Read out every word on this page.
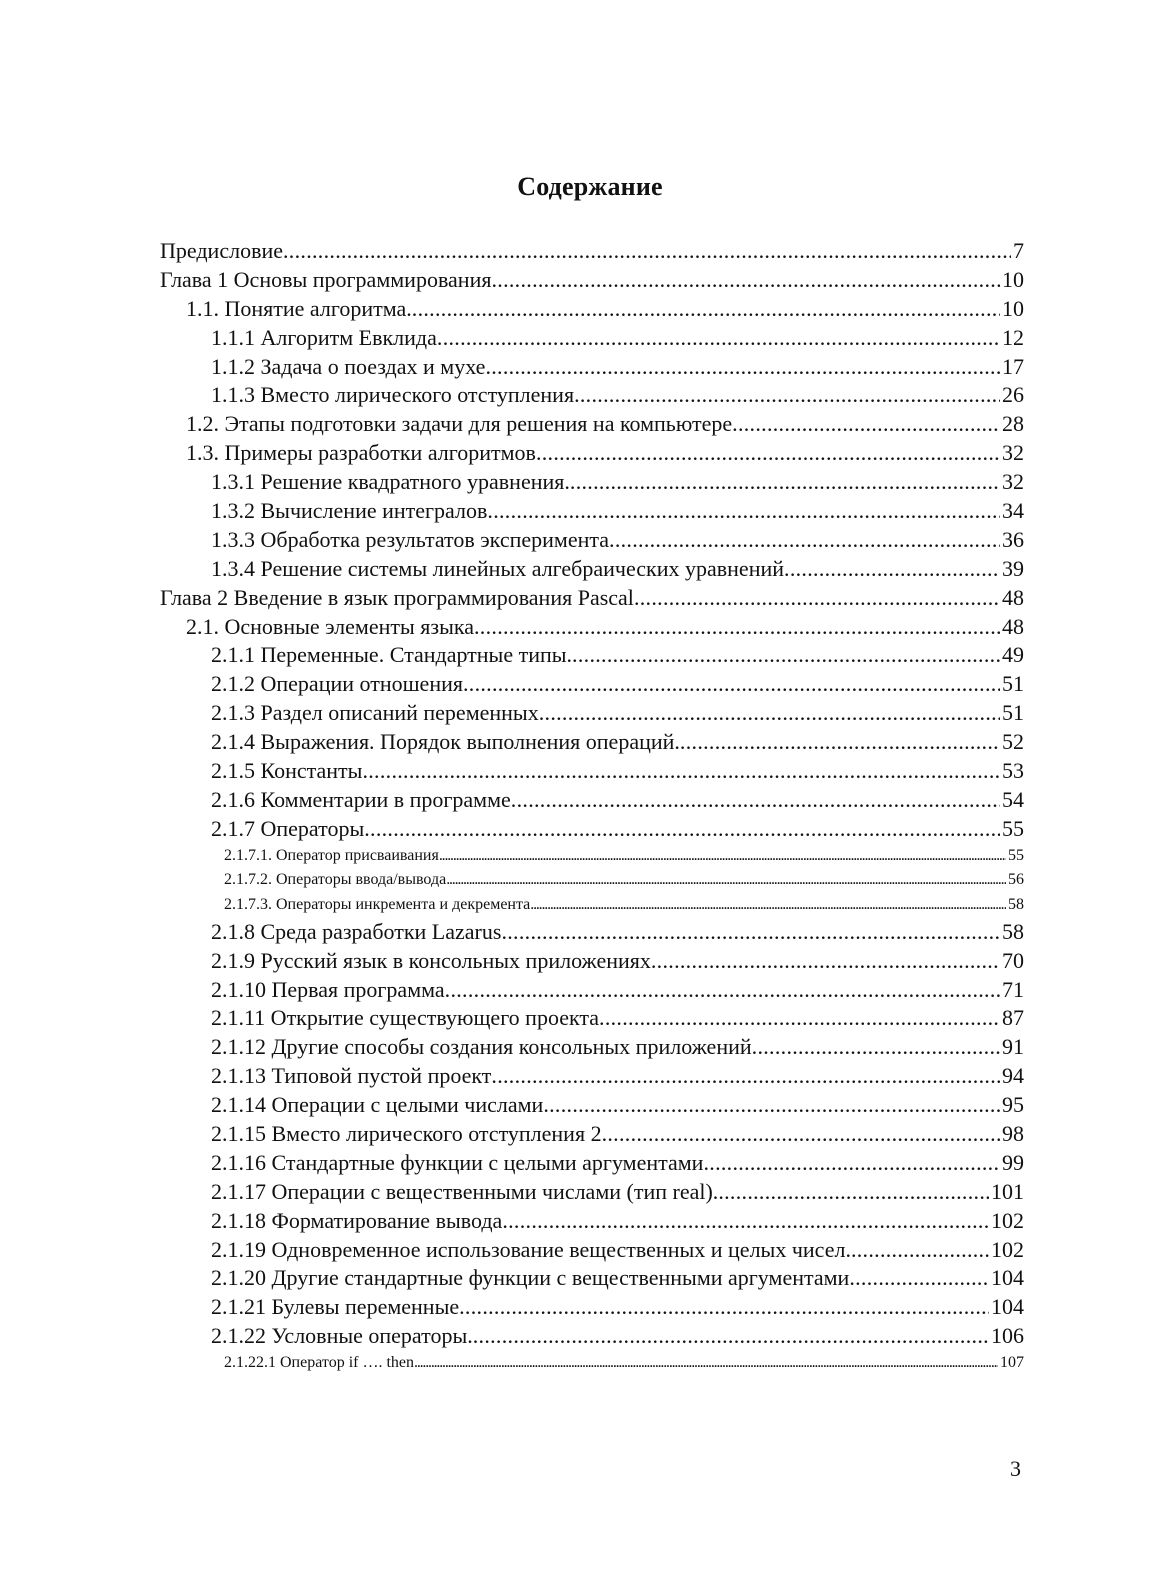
Содержание
Предисловие . . .	7
Глава 1 Основы программирования . . .	10
1.1. Понятие алгоритма. . . .	10
1.1.1 Алгоритм Евклида . . .	12
1.1.2 Задача о поездах и мухе . . .	17
1.1.3 Вместо лирического отступления . . .	26
1.2. Этапы подготовки задачи для решения на компьютере . . .	28
1.3. Примеры разработки алгоритмов . . .	32
1.3.1 Решение квадратного уравнения. . . .	32
1.3.2 Вычисление интегралов . . .	34
1.3.3 Обработка результатов эксперимента . . .	36
1.3.4 Решение системы линейных алгебраических уравнений . . .	39
Глава 2 Введение в язык программирования Pascal . . .	48
2.1. Основные элементы языка . . .	48
2.1.1 Переменные. Стандартные типы. . . .	49
2.1.2 Операции отношения . . .	51
2.1.3 Раздел описаний переменных . . .	51
2.1.4 Выражения. Порядок выполнения операций. . . .	52
2.1.5 Константы . . .	53
2.1.6 Комментарии в программе . . .	54
2.1.7 Операторы . . .	55
2.1.7.1. Оператор присваивания . . .	55
2.1.7.2. Операторы ввода/вывода . . .	56
2.1.7.3. Операторы инкремента и декремента . . .	58
2.1.8 Среда разработки Lazarus . . .	58
2.1.9 Русский язык в консольных приложениях . . .	70
2.1.10 Первая программа . . .	71
2.1.11 Открытие существующего проекта . . .	87
2.1.12 Другие способы создания консольных приложений . . .	91
2.1.13 Типовой пустой проект . . .	94
2.1.14 Операции с целыми числами . . .	95
2.1.15 Вместо лирического отступления 2 . . .	98
2.1.16 Стандартные функции с целыми аргументами . . .	99
2.1.17 Операции с вещественными числами (тип real). . . .	101
2.1.18 Форматирование вывода . . .	102
2.1.19 Одновременное использование вещественных и целых чисел. . . .	102
2.1.20 Другие стандартные функции с вещественными аргументами . . .	104
2.1.21 Булевы переменные . . .	104
2.1.22 Условные операторы. . . .	106
2.1.22.1 Оператор if …. then . . .	107
3
